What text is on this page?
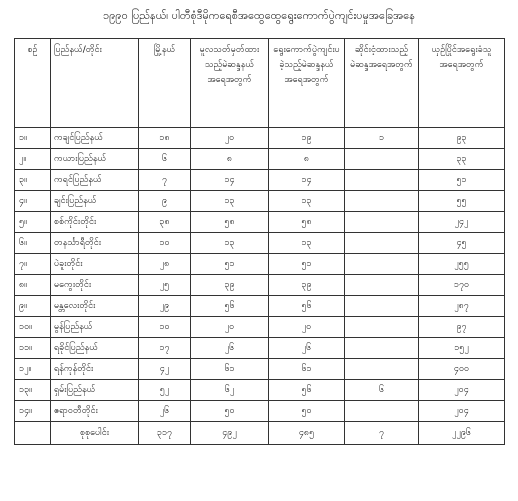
၁၉၉၀ ပြည်နယ်၊ ပါတီစုံဒီမိုကရေစီအထွေထွေရွေးကောက်ပွဲကျင်းပမှုအခြေအနေ
စဉ်	ပြည်နယ်/တိုင်း	မြို့နယ်	မူလသတ်မှတ်ထားသည့်မဲဆန္ဒနယ်အရေအတွက်	ရွေးကောက်ပွဲကျင်းပခဲ့သည့်မဲဆန္ဒနယ်အရေအတွက်	ဆိုင်းငံ့ထားသည့်မဲဆန္ဒအရေအတွက်	ယှဉ်ပြိုင်အရွေးခံသူအရေအတွက်
၁။	ကချင်ပြည်နယ်	၁၈	၂၀	၁၉	၁	၉၃
၂။	ကယားပြည်နယ်	၆	၈	၈		၃၃
၃။	ကရင်ပြည်နယ်	၇	၁၄	၁၄		၅၁
၄။	ချင်းပြည်နယ်	၉	၁၃	၁၃		၅၅
၅။	စစ်ကိုင်းတိုင်း	၃၈	၅၈	၅၈		၂၄၂
၆။	တနင်္သာရီတိုင်း	၁၀	၁၃	၁၃		၄၅
၇။	ပဲခူးတိုင်း	၂၈	၅၁	၅၁		၂၅၅
၈။	မကွေးတိုင်း	၂၅	၃၉	၃၉		၁၇၀
၉။	မန္တလေးတိုင်း	၂၉	၅၆	၅၆		၂၈၇
၁၀။	မွန်ပြည်နယ်	၁၀	၂၀	၂၀		၉၇
၁၁။	ရခိုင်ပြည်နယ်	၁၇	၂၆	၂၆		၁၅၂
၁၂။	ရန်ကုန်တိုင်း	၄၂	၆၁	၆၁		၄၀၀
၁၃။	ရှမ်းပြည်နယ်	၅၂	၆၂	၅၆	၆	၂၀၄
၁၄။	ဧရာဝတီတိုင်း	၂၆	၅၀	၅၀		၂၀၄
	စုစုပေါင်း	၃၁၇	၄၉၂	၄၈၅	၇	၂၂၉၆
